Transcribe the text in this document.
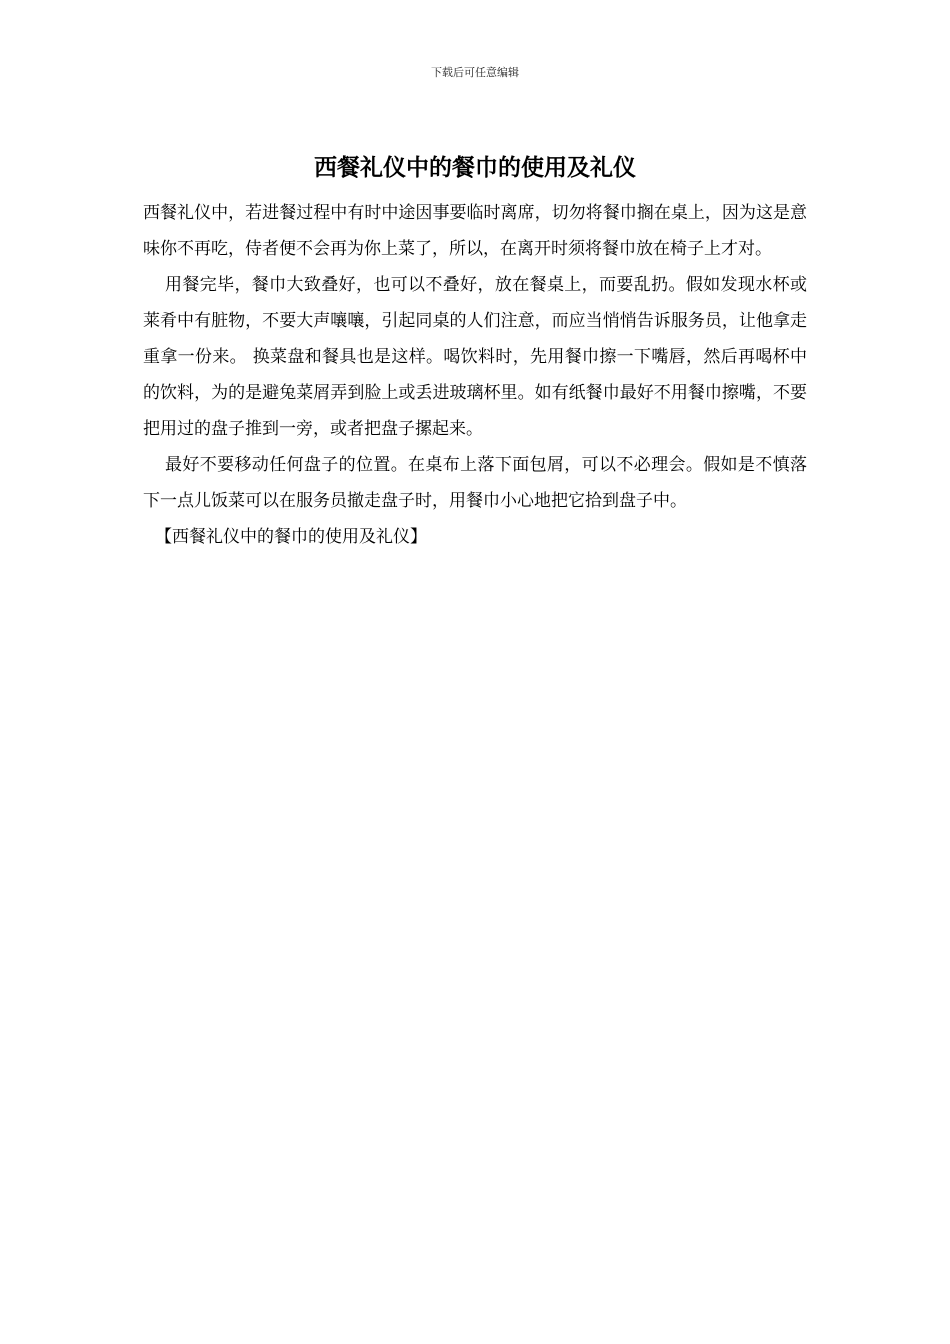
下载后可任意编辑
西餐礼仪中的餐巾的使用及礼仪

西餐礼仪中，若进餐过程中有时中途因事要临时离席，切勿将餐巾搁在桌上，因为这是意味你不再吃，侍者便不会再为你上菜了，所以，在离开时须将餐巾放在椅子上才对。

用餐完毕，餐巾大致叠好，也可以不叠好，放在餐桌上，而要乱扔。假如发现水杯或莱肴中有脏物，不要大声嚷嚷，引起同桌的人们注意，而应当悄悄告诉服务员，让他拿走重拿一份来。 换菜盘和餐具也是这样。喝饮料时，先用餐巾擦一下嘴唇，然后再喝杯中的饮料，为的是避兔菜屑弄到脸上或丢进玻璃杯里。如有纸餐巾最好不用餐巾擦嘴，不要把用过的盘子推到一旁，或者把盘子摞起来。

最好不要移动任何盘子的位置。在桌布上落下面包屑，可以不必理会。假如是不慎落下一点儿饭菜可以在服务员撤走盘子时，用餐巾小心地把它拾到盘子中。

【西餐礼仪中的餐巾的使用及礼仪】
